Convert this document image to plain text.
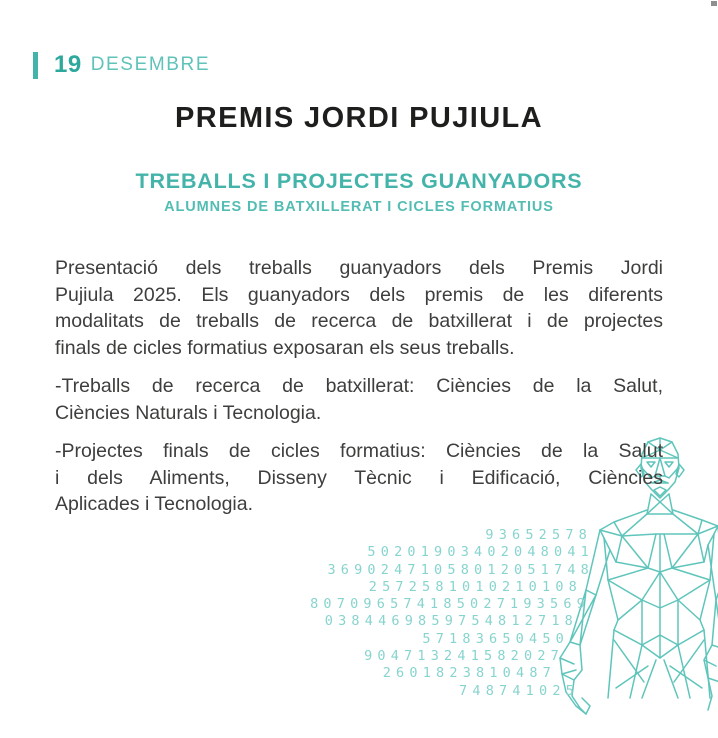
19 DESEMBRE
PREMIS JORDI PUJIULA
TREBALLS I PROJECTES GUANYADORS
ALUMNES DE BATXILLERAT I CICLES FORMATIUS
Presentació dels treballs guanyadors dels Premis Jordi
Pujiula 2025. Els guanyadors dels premis de les diferents
modalitats de treballs de recerca de batxillerat i de projectes
finals de cicles formatius exposaran els seus treballs.
-Treballs de recerca de batxillerat: Ciències de la Salut,
Ciències Naturals i Tecnologia.
-Projectes finals de cicles formatius: Ciències de la Salut
i dels Aliments, Disseny Tècnic i Edificació, Ciències
Aplicades i Tecnologia.
93652578
50201903402048041
36902471058012051748
2572581010210108
807096574185027193569
0384469859754812718
57183650450
904713241582027
2601823810487
748741025
